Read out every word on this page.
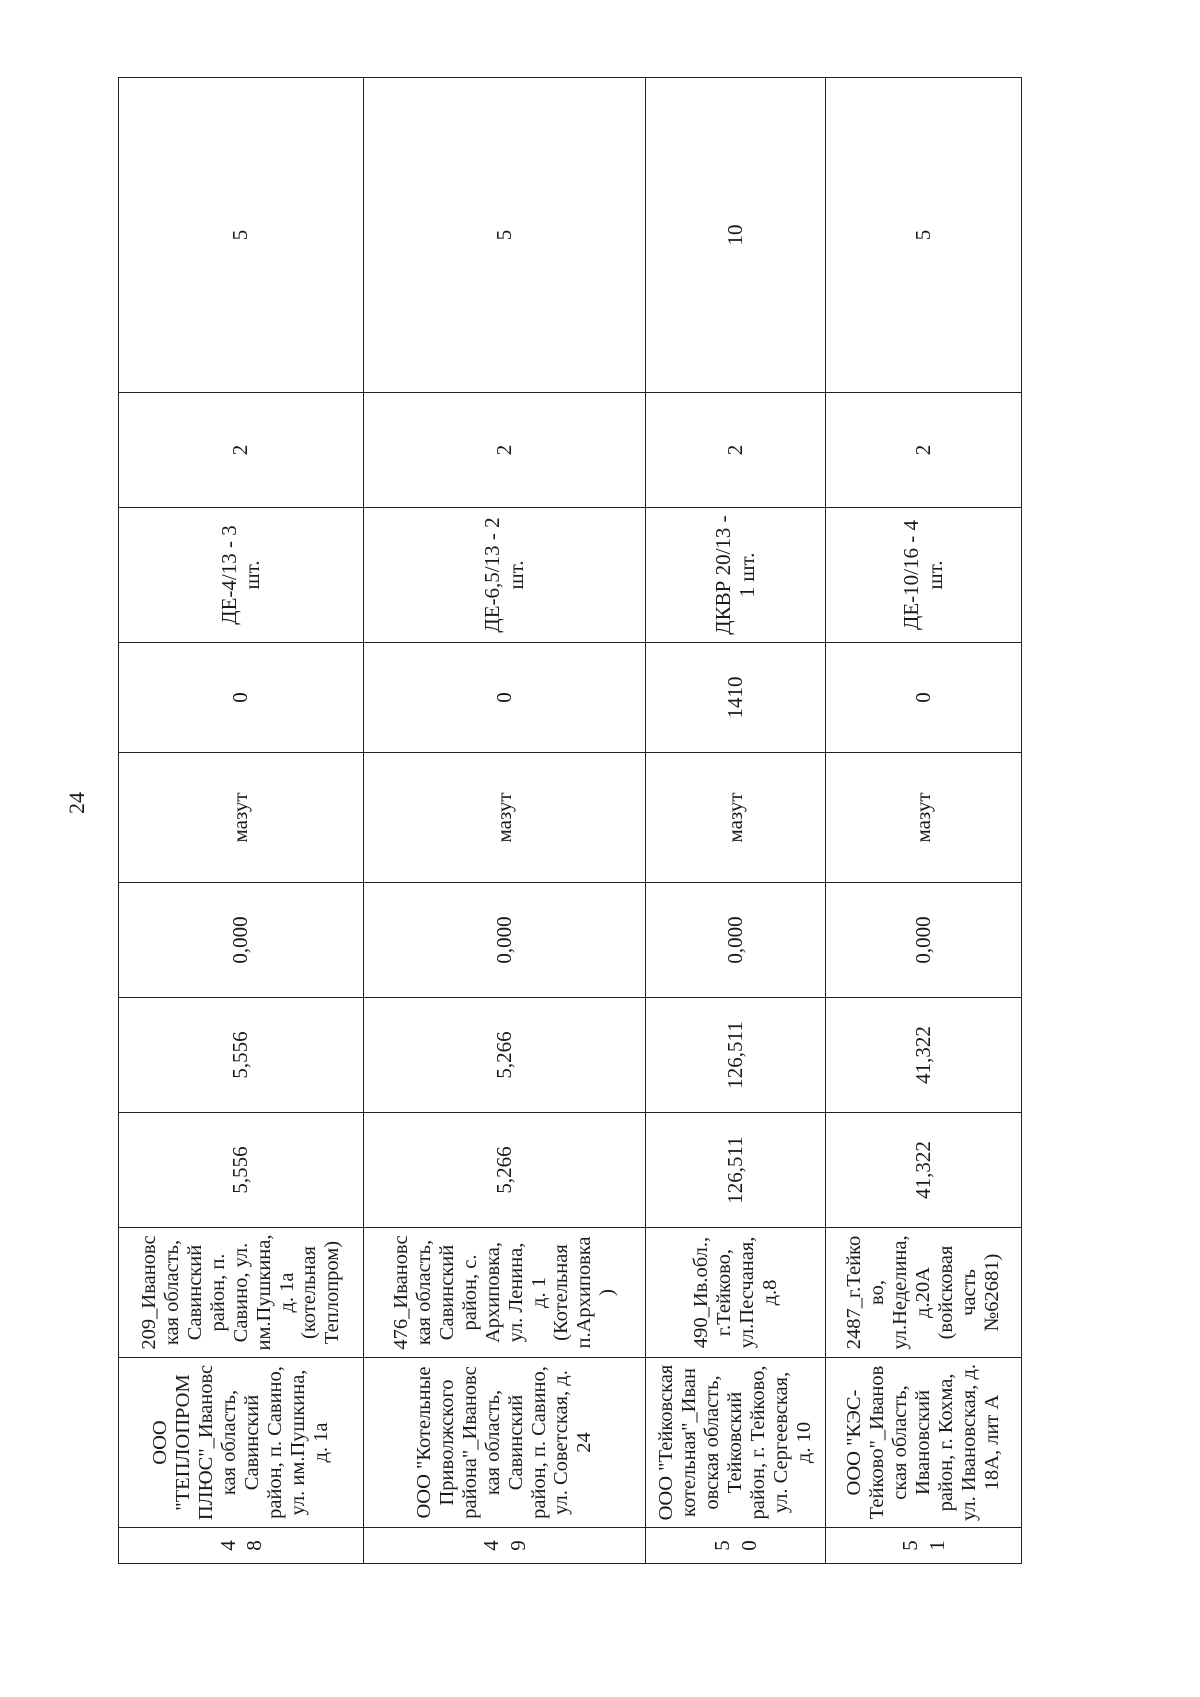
24
48	ООО "ТЕПЛОПРОМ ПЛЮС"_Ивановская область, Савинский район, п. Савино, ул. им.Пушкина, д. 1а	209_Ивановская область, Савинский район, п. Савино, ул. им.Пушкина, д. 1а (котельная Теплопром)	5,556	5,556	0,000	мазут	0	ДЕ-4/13 - 3 шт.	2	5
49	ООО "Котельные Приволжского района"_Ивановская область, Савинский район, п. Савино, ул. Советская, д. 24	476_Ивановская область, Савинский район, с. Архиповка, ул. Ленина, д. 1 (Котельная п.Архиповка)	5,266	5,266	0,000	мазут	0	ДЕ-6,5/13 - 2 шт.	2	5
50	ООО "Тейковская котельная"_Ивановская область, Тейковский район, г. Тейково, ул. Сергеевская, д. 10	490_Ив.обл., г.Тейково, ул.Песчаная, д.8	126,511	126,511	0,000	мазут	1410	ДКВР 20/13 - 1 шт.	2	10
51	ООО "КЭС-Тейково"_Ивановская область, Ивановский район, г. Кохма, ул. Ивановская, д. 18А, лит А	2487_г.Тейково, ул.Неделина, д.20А (войсковая часть №62681)	41,322	41,322	0,000	мазут	0	ДЕ-10/16 - 4 шт.	2	5
